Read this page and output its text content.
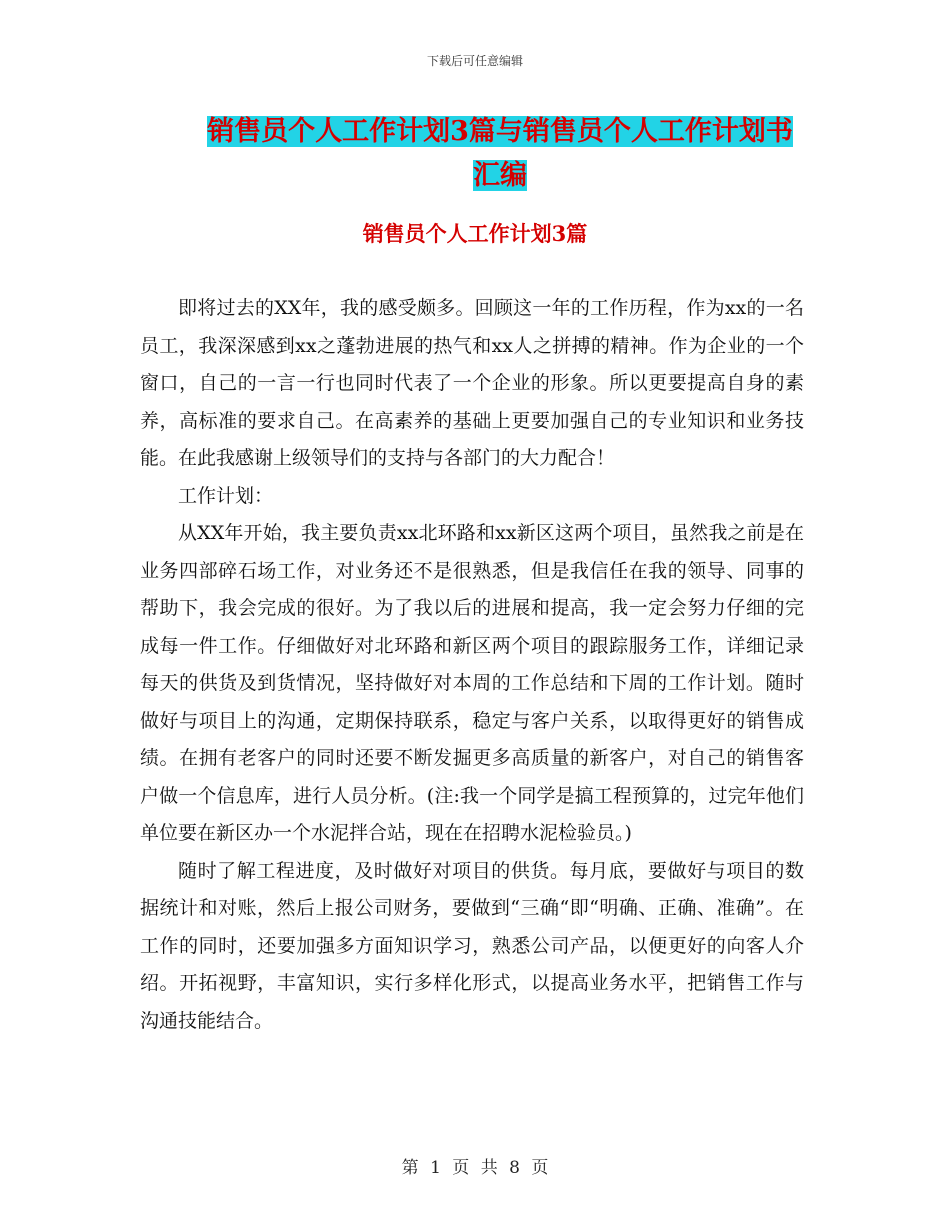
下载后可任意编辑
销售员个人工作计划3篇与销售员个人工作计划书汇编
销售员个人工作计划3篇

即将过去的XX年，我的感受颇多。回顾这一年的工作历程，作为xx的一名员工，我深深感到xx之蓬勃进展的热气和xx人之拼搏的精神。作为企业的一个窗口，自己的一言一行也同时代表了一个企业的形象。所以更要提高自身的素养，高标准的要求自己。在高素养的基础上更要加强自己的专业知识和业务技能。在此我感谢上级领导们的支持与各部门的大力配合！

工作计划：

从XX年开始，我主要负责xx北环路和xx新区这两个项目，虽然我之前是在业务四部碎石场工作，对业务还不是很熟悉，但是我信任在我的领导、同事的帮助下，我会完成的很好。为了我以后的进展和提高，我一定会努力仔细的完成每一件工作。仔细做好对北环路和新区两个项目的跟踪服务工作，详细记录每天的供货及到货情况，坚持做好对本周的工作总结和下周的工作计划。随时做好与项目上的沟通，定期保持联系，稳定与客户关系，以取得更好的销售成绩。在拥有老客户的同时还要不断发掘更多高质量的新客户，对自己的销售客户做一个信息库，进行人员分析。(注:我一个同学是搞工程预算的，过完年他们单位要在新区办一个水泥拌合站，现在在招聘水泥检验员。)

随时了解工程进度，及时做好对项目的供货。每月底，要做好与项目的数据统计和对账，然后上报公司财务，要做到“三确“即“明确、正确、准确”。在工作的同时，还要加强多方面知识学习，熟悉公司产品，以便更好的向客人介绍。开拓视野，丰富知识，实行多样化形式，以提高业务水平，把销售工作与沟通技能结合。

第 1 页 共 8 页
